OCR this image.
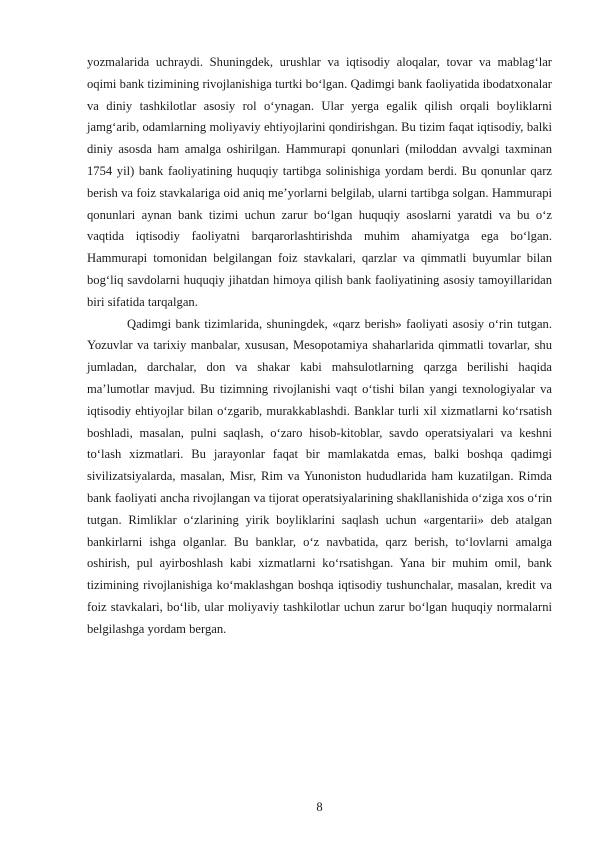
yozmalarida uchraydi. Shuningdek, urushlar va iqtisodiy aloqalar, tovar va mablag‘lar oqimi bank tizimining rivojlanishiga turtki bo‘lgan. Qadimgi bank faoliyatida ibodatxonalar va diniy tashkilotlar asosiy rol o‘ynagan. Ular yerga egalik qilish orqali boyliklarni jamg‘arib, odamlarning moliyaviy ehtiyojlarini qondirishgan. Bu tizim faqat iqtisodiy, balki diniy asosda ham amalga oshirilgan. Hammurapi qonunlari (miloddan avvalgi taxminan 1754 yil) bank faoliyatining huquqiy tartibga solinishiga yordam berdi. Bu qonunlar qarz berish va foiz stavkalariga oid aniq me’yorlarni belgilab, ularni tartibga solgan. Hammurapi qonunlari aynan bank tizimi uchun zarur bo‘lgan huquqiy asoslarni yaratdi va bu o‘z vaqtida iqtisodiy faoliyatni barqarorlashtirishda muhim ahamiyatga ega bo‘lgan. Hammurapi tomonidan belgilangan foiz stavkalari, qarzlar va qimmatli buyumlar bilan bog‘liq savdolarni huquqiy jihatdan himoya qilish bank faoliyatining asosiy tamoyillaridan biri sifatida tarqalgan.

Qadimgi bank tizimlarida, shuningdek, «qarz berish» faoliyati asosiy o‘rin tutgan. Yozuvlar va tarixiy manbalar, xususan, Mesopotamiya shaharlarida qimmatli tovarlar, shu jumladan, darchalar, don va shakar kabi mahsulotlarning qarzga berilishi haqida ma’lumotlar mavjud. Bu tizimning rivojlanishi vaqt o‘tishi bilan yangi texnologiyalar va iqtisodiy ehtiyojlar bilan o‘zgarib, murakkablashdi. Banklar turli xil xizmatlarni ko‘rsatish boshladi, masalan, pulni saqlash, o‘zaro hisob-kitoblar, savdo operatsiyalari va keshni to‘lash xizmatlari. Bu jarayonlar faqat bir mamlakatda emas, balki boshqa qadimgi sivilizatsiyalarda, masalan, Misr, Rim va Yunoniston hududlarida ham kuzatilgan. Rimda bank faoliyati ancha rivojlangan va tijorat operatsiyalarining shakllanishida o‘ziga xos o‘rin tutgan. Rimliklar o‘zlarining yirik boyliklarini saqlash uchun «argentarii» deb atalgan bankirlarni ishga olganlar. Bu banklar, o‘z navbatida, qarz berish, to‘lovlarni amalga oshirish, pul ayirboshlash kabi xizmatlarni ko‘rsatishgan. Yana bir muhim omil, bank tizimining rivojlanishiga ko‘maklashgan boshqa iqtisodiy tushunchalar, masalan, kredit va foiz stavkalari, bo‘lib, ular moliyaviy tashkilotlar uchun zarur bo‘lgan huquqiy normalarni belgilashga yordam bergan.

8
